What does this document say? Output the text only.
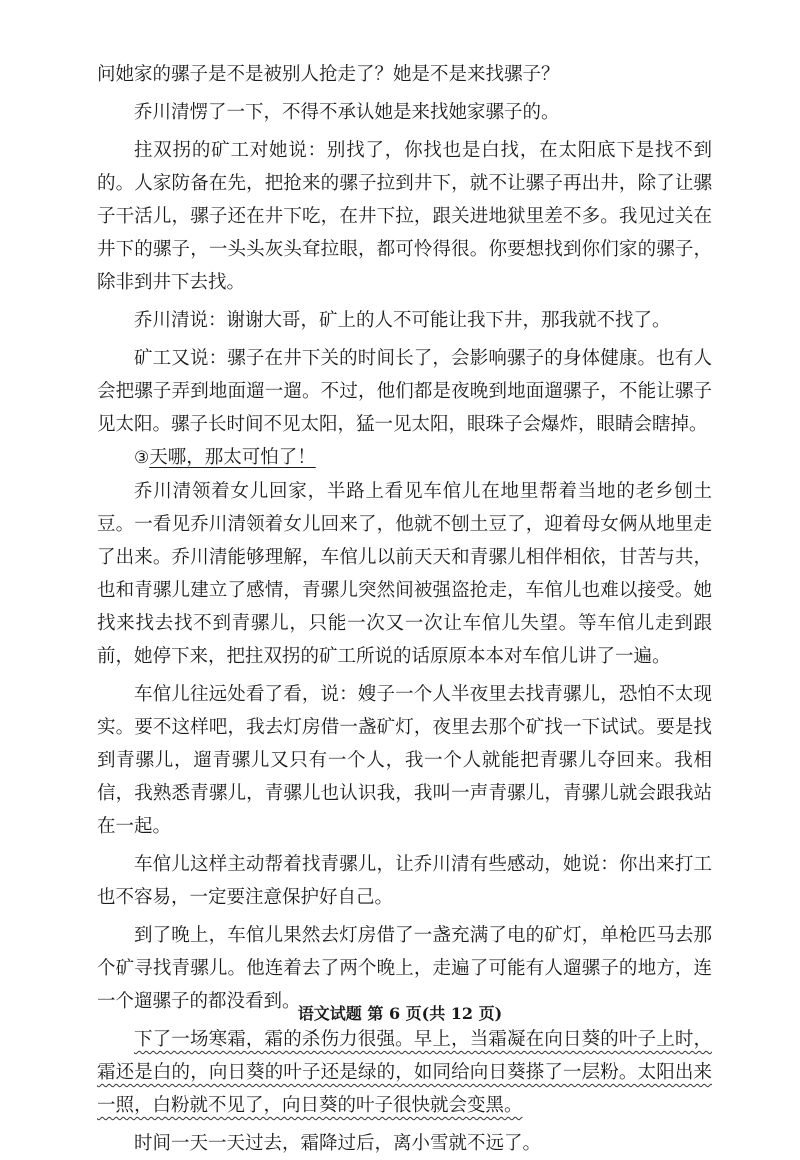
问她家的骡子是不是被别人抢走了？她是不是来找骡子？

乔川清愣了一下，不得不承认她是来找她家骡子的。

拄双拐的矿工对她说：别找了，你找也是白找，在太阳底下是找不到的。人家防备在先，把抢来的骡子拉到井下，就不让骡子再出井，除了让骡子干活儿，骡子还在井下吃，在井下拉，跟关进地狱里差不多。我见过关在井下的骡子，一头头灰头耷拉眼，都可怜得很。你要想找到你们家的骡子，除非到井下去找。

乔川清说：谢谢大哥，矿上的人不可能让我下井，那我就不找了。

矿工又说：骡子在井下关的时间长了，会影响骡子的身体健康。也有人会把骡子弄到地面遛一遛。不过，他们都是夜晚到地面遛骡子，不能让骡子见太阳。骡子长时间不见太阳，猛一见太阳，眼珠子会爆炸，眼睛会瞎掉。

③天哪，那太可怕了！

乔川清领着女儿回家，半路上看见车倌儿在地里帮着当地的老乡刨土豆。一看见乔川清领着女儿回来了，他就不刨土豆了，迎着母女俩从地里走了出来。乔川清能够理解，车倌儿以前天天和青骡儿相伴相依，甘苦与共，也和青骡儿建立了感情，青骡儿突然间被强盗抢走，车倌儿也难以接受。她找来找去找不到青骡儿，只能一次又一次让车倌儿失望。等车倌儿走到跟前，她停下来，把拄双拐的矿工所说的话原原本本对车倌儿讲了一遍。

车倌儿往远处看了看，说：嫂子一个人半夜里去找青骡儿，恐怕不太现实。要不这样吧，我去灯房借一盏矿灯，夜里去那个矿找一下试试。要是找到青骡儿，遛青骡儿又只有一个人，我一个人就能把青骡儿夺回来。我相信，我熟悉青骡儿，青骡儿也认识我，我叫一声青骡儿，青骡儿就会跟我站在一起。

车倌儿这样主动帮着找青骡儿，让乔川清有些感动，她说：你出来打工也不容易，一定要注意保护好自己。

到了晚上，车倌儿果然去灯房借了一盏充满了电的矿灯，单枪匹马去那个矿寻找青骡儿。他连着去了两个晚上，走遍了可能有人遛骡子的地方，连一个遛骡子的都没看到。

下了一场寒霜，霜的杀伤力很强。早上，当霜凝在向日葵的叶子上时，霜还是白的，向日葵的叶子还是绿的，如同给向日葵搽了一层粉。太阳出来一照，白粉就不见了，向日葵的叶子很快就会变黑。

时间一天一天过去，霜降过后，离小雪就不远了。

语文试题 第 6 页(共 12 页)
